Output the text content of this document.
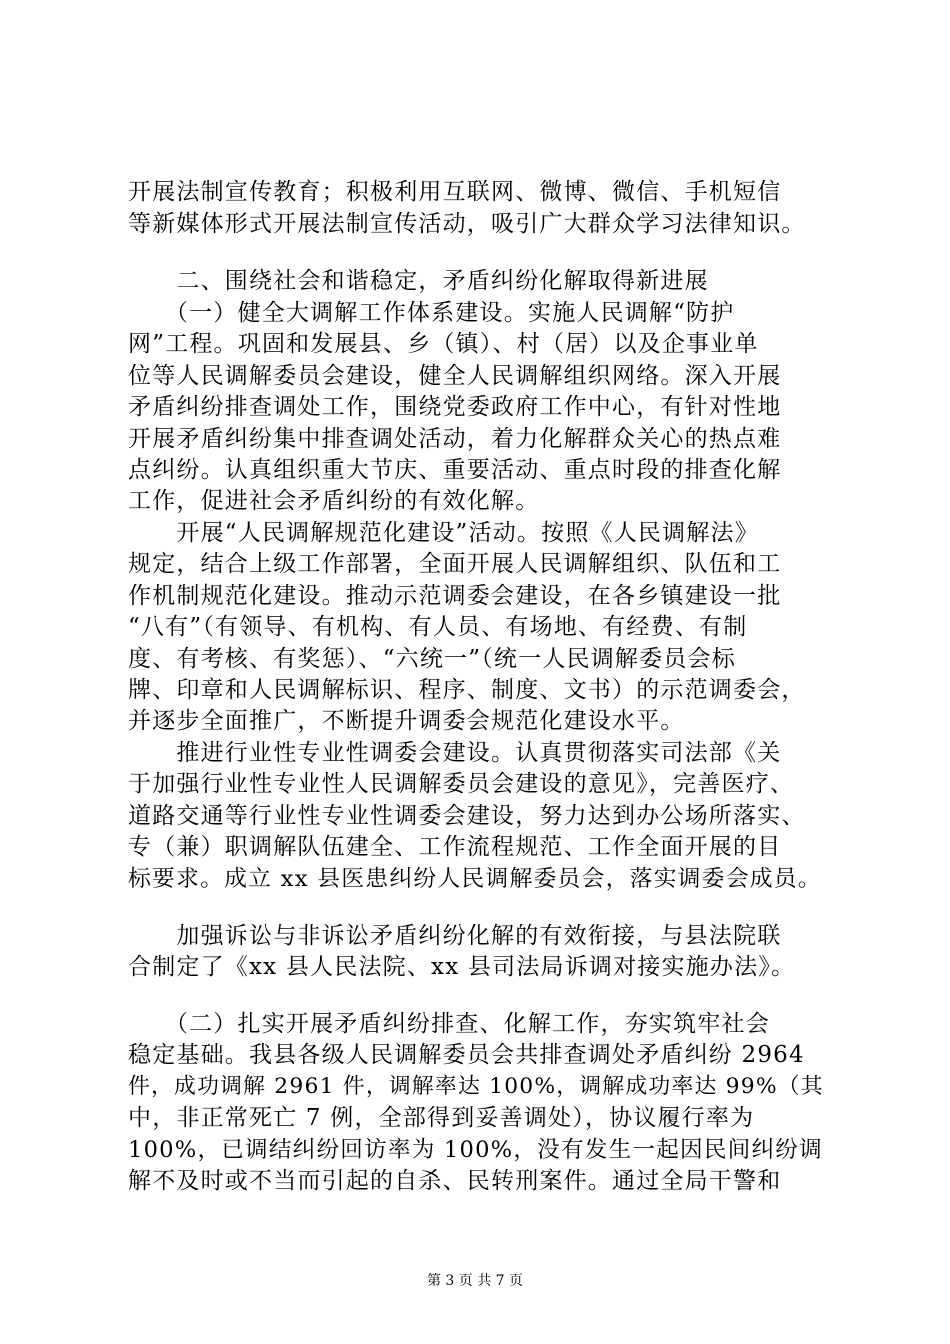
开展法制宣传教育；积极利用互联网、微博、微信、手机短信
等新媒体形式开展法制宣传活动，吸引广大群众学习法律知识。
　　二、围绕社会和谐稳定，矛盾纠纷化解取得新进展
　　（一）健全大调解工作体系建设。实施人民调解“防护
网”工程。巩固和发展县、乡（镇）、村（居）以及企事业单
位等人民调解委员会建设，健全人民调解组织网络。深入开展
矛盾纠纷排查调处工作，围绕党委政府工作中心，有针对性地
开展矛盾纠纷集中排查调处活动，着力化解群众关心的热点难
点纠纷。认真组织重大节庆、重要活动、重点时段的排查化解
工作，促进社会矛盾纠纷的有效化解。
　　开展“人民调解规范化建设”活动。按照《人民调解法》
规定，结合上级工作部署，全面开展人民调解组织、队伍和工
作机制规范化建设。推动示范调委会建设，在各乡镇建设一批
“八有”（有领导、有机构、有人员、有场地、有经费、有制
度、有考核、有奖惩）、“六统一”（统一人民调解委员会标
牌、印章和人民调解标识、程序、制度、文书）的示范调委会，
并逐步全面推广，不断提升调委会规范化建设水平。
　　推进行业性专业性调委会建设。认真贯彻落实司法部《关
于加强行业性专业性人民调解委员会建设的意见》，完善医疗、
道路交通等行业性专业性调委会建设，努力达到办公场所落实、
专（兼）职调解队伍建全、工作流程规范、工作全面开展的目
标要求。成立 xx 县医患纠纷人民调解委员会，落实调委会成员。
　　加强诉讼与非诉讼矛盾纠纷化解的有效衔接，与县法院联
合制定了《xx 县人民法院、xx 县司法局诉调对接实施办法》。
　　（二）扎实开展矛盾纠纷排查、化解工作，夯实筑牢社会
稳定基础。我县各级人民调解委员会共排查调处矛盾纠纷 2964
件，成功调解 2961 件，调解率达 100%，调解成功率达 99%（其
中，非正常死亡 7 例，全部得到妥善调处），协议履行率为
100%，已调结纠纷回访率为 100%，没有发生一起因民间纠纷调
解不及时或不当而引起的自杀、民转刑案件。通过全局干警和
第 3 页 共 7 页
